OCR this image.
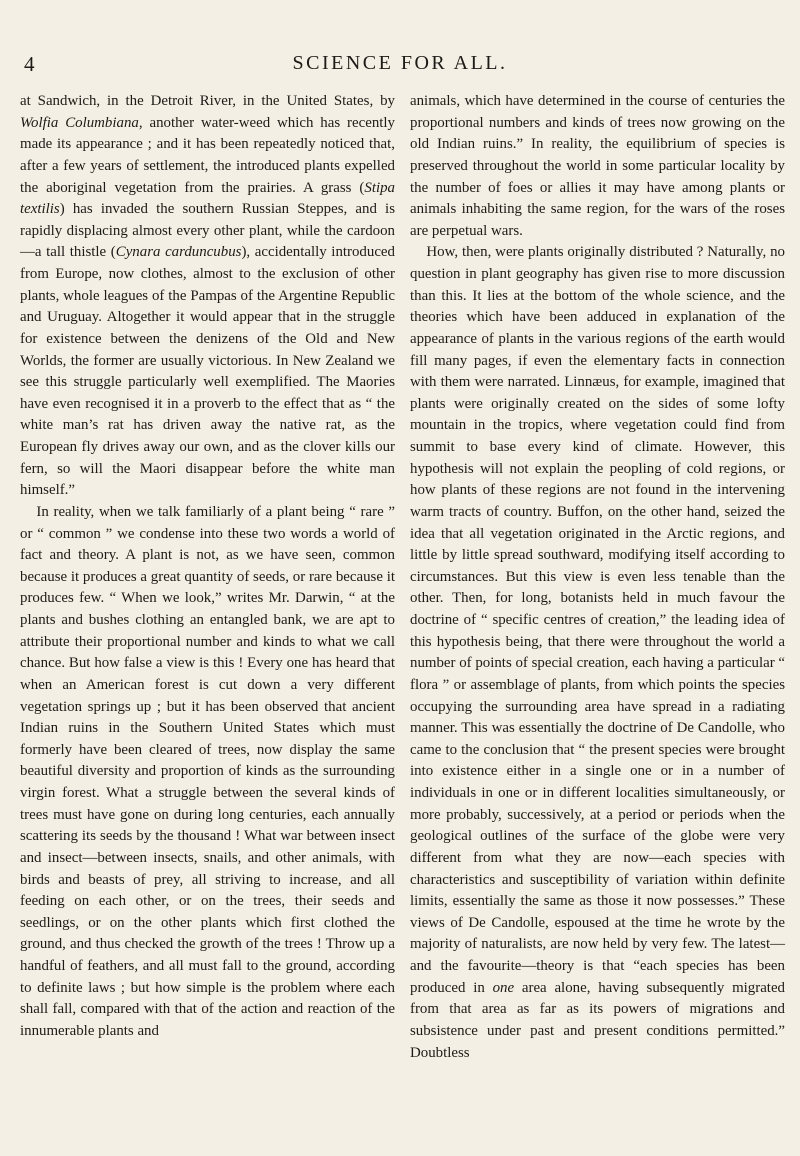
4	SCIENCE FOR ALL.

at Sandwich, in the Detroit River, in the United States, by Wolfia Columbiana, another water-weed which has recently made its appearance ; and it has been repeatedly noticed that, after a few years of settlement, the introduced plants expelled the aboriginal vegetation from the prairies. A grass (Stipa textilis) has invaded the southern Russian Steppes, and is rapidly displacing almost every other plant, while the cardoon—a tall thistle (Cynara carduncubus), accidentally introduced from Europe, now clothes, almost to the exclusion of other plants, whole leagues of the Pampas of the Argentine Republic and Uruguay. Altogether it would appear that in the struggle for existence between the denizens of the Old and New Worlds, the former are usually victorious. In New Zealand we see this struggle particularly well exemplified. The Maories have even recognised it in a proverb to the effect that as “ the white man’s rat has driven away the native rat, as the European fly drives away our own, and as the clover kills our fern, so will the Maori disappear before the white man himself.”

In reality, when we talk familiarly of a plant being “ rare ” or “ common ” we condense into these two words a world of fact and theory. A plant is not, as we have seen, common because it produces a great quantity of seeds, or rare because it produces few. “ When we look,” writes Mr. Darwin, “ at the plants and bushes clothing an entangled bank, we are apt to attribute their proportional number and kinds to what we call chance. But how false a view is this ! Every one has heard that when an American forest is cut down a very different vegetation springs up ; but it has been observed that ancient Indian ruins in the Southern United States which must formerly have been cleared of trees, now display the same beautiful diversity and proportion of kinds as the surrounding virgin forest. What a struggle between the several kinds of trees must have gone on during long centuries, each annually scattering its seeds by the thousand ! What war between insect and insect—between insects, snails, and other animals, with birds and beasts of prey, all striving to increase, and all feeding on each other, or on the trees, their seeds and seedlings, or on the other plants which first clothed the ground, and thus checked the growth of the trees ! Throw up a handful of feathers, and all must fall to the ground, according to definite laws ; but how simple is the problem where each shall fall, compared with that of the action and reaction of the innumerable plants and

animals, which have determined in the course of centuries the proportional numbers and kinds of trees now growing on the old Indian ruins.” In reality, the equilibrium of species is preserved throughout the world in some particular locality by the number of foes or allies it may have among plants or animals inhabiting the same region, for the wars of the roses are perpetual wars.

How, then, were plants originally distributed ? Naturally, no question in plant geography has given rise to more discussion than this. It lies at the bottom of the whole science, and the theories which have been adduced in explanation of the appearance of plants in the various regions of the earth would fill many pages, if even the elementary facts in connection with them were narrated. Linnæus, for example, imagined that plants were originally created on the sides of some lofty mountain in the tropics, where vegetation could find from summit to base every kind of climate. However, this hypothesis will not explain the peopling of cold regions, or how plants of these regions are not found in the intervening warm tracts of country. Buffon, on the other hand, seized the idea that all vegetation originated in the Arctic regions, and little by little spread southward, modifying itself according to circumstances. But this view is even less tenable than the other. Then, for long, botanists held in much favour the doctrine of “ specific centres of creation,” the leading idea of this hypothesis being, that there were throughout the world a number of points of special creation, each having a particular “ flora ” or assemblage of plants, from which points the species occupying the surrounding area have spread in a radiating manner. This was essentially the doctrine of De Candolle, who came to the conclusion that “ the present species were brought into existence either in a single one or in a number of individuals in one or in different localities simultaneously, or more probably, successively, at a period or periods when the geological outlines of the surface of the globe were very different from what they are now—each species with characteristics and susceptibility of variation within definite limits, essentially the same as those it now possesses.” These views of De Candolle, espoused at the time he wrote by the majority of naturalists, are now held by very few. The latest—and the favourite—theory is that “each species has been produced in one area alone, having subsequently migrated from that area as far as its powers of migrations and subsistence under past and present conditions permitted.” Doubtless
